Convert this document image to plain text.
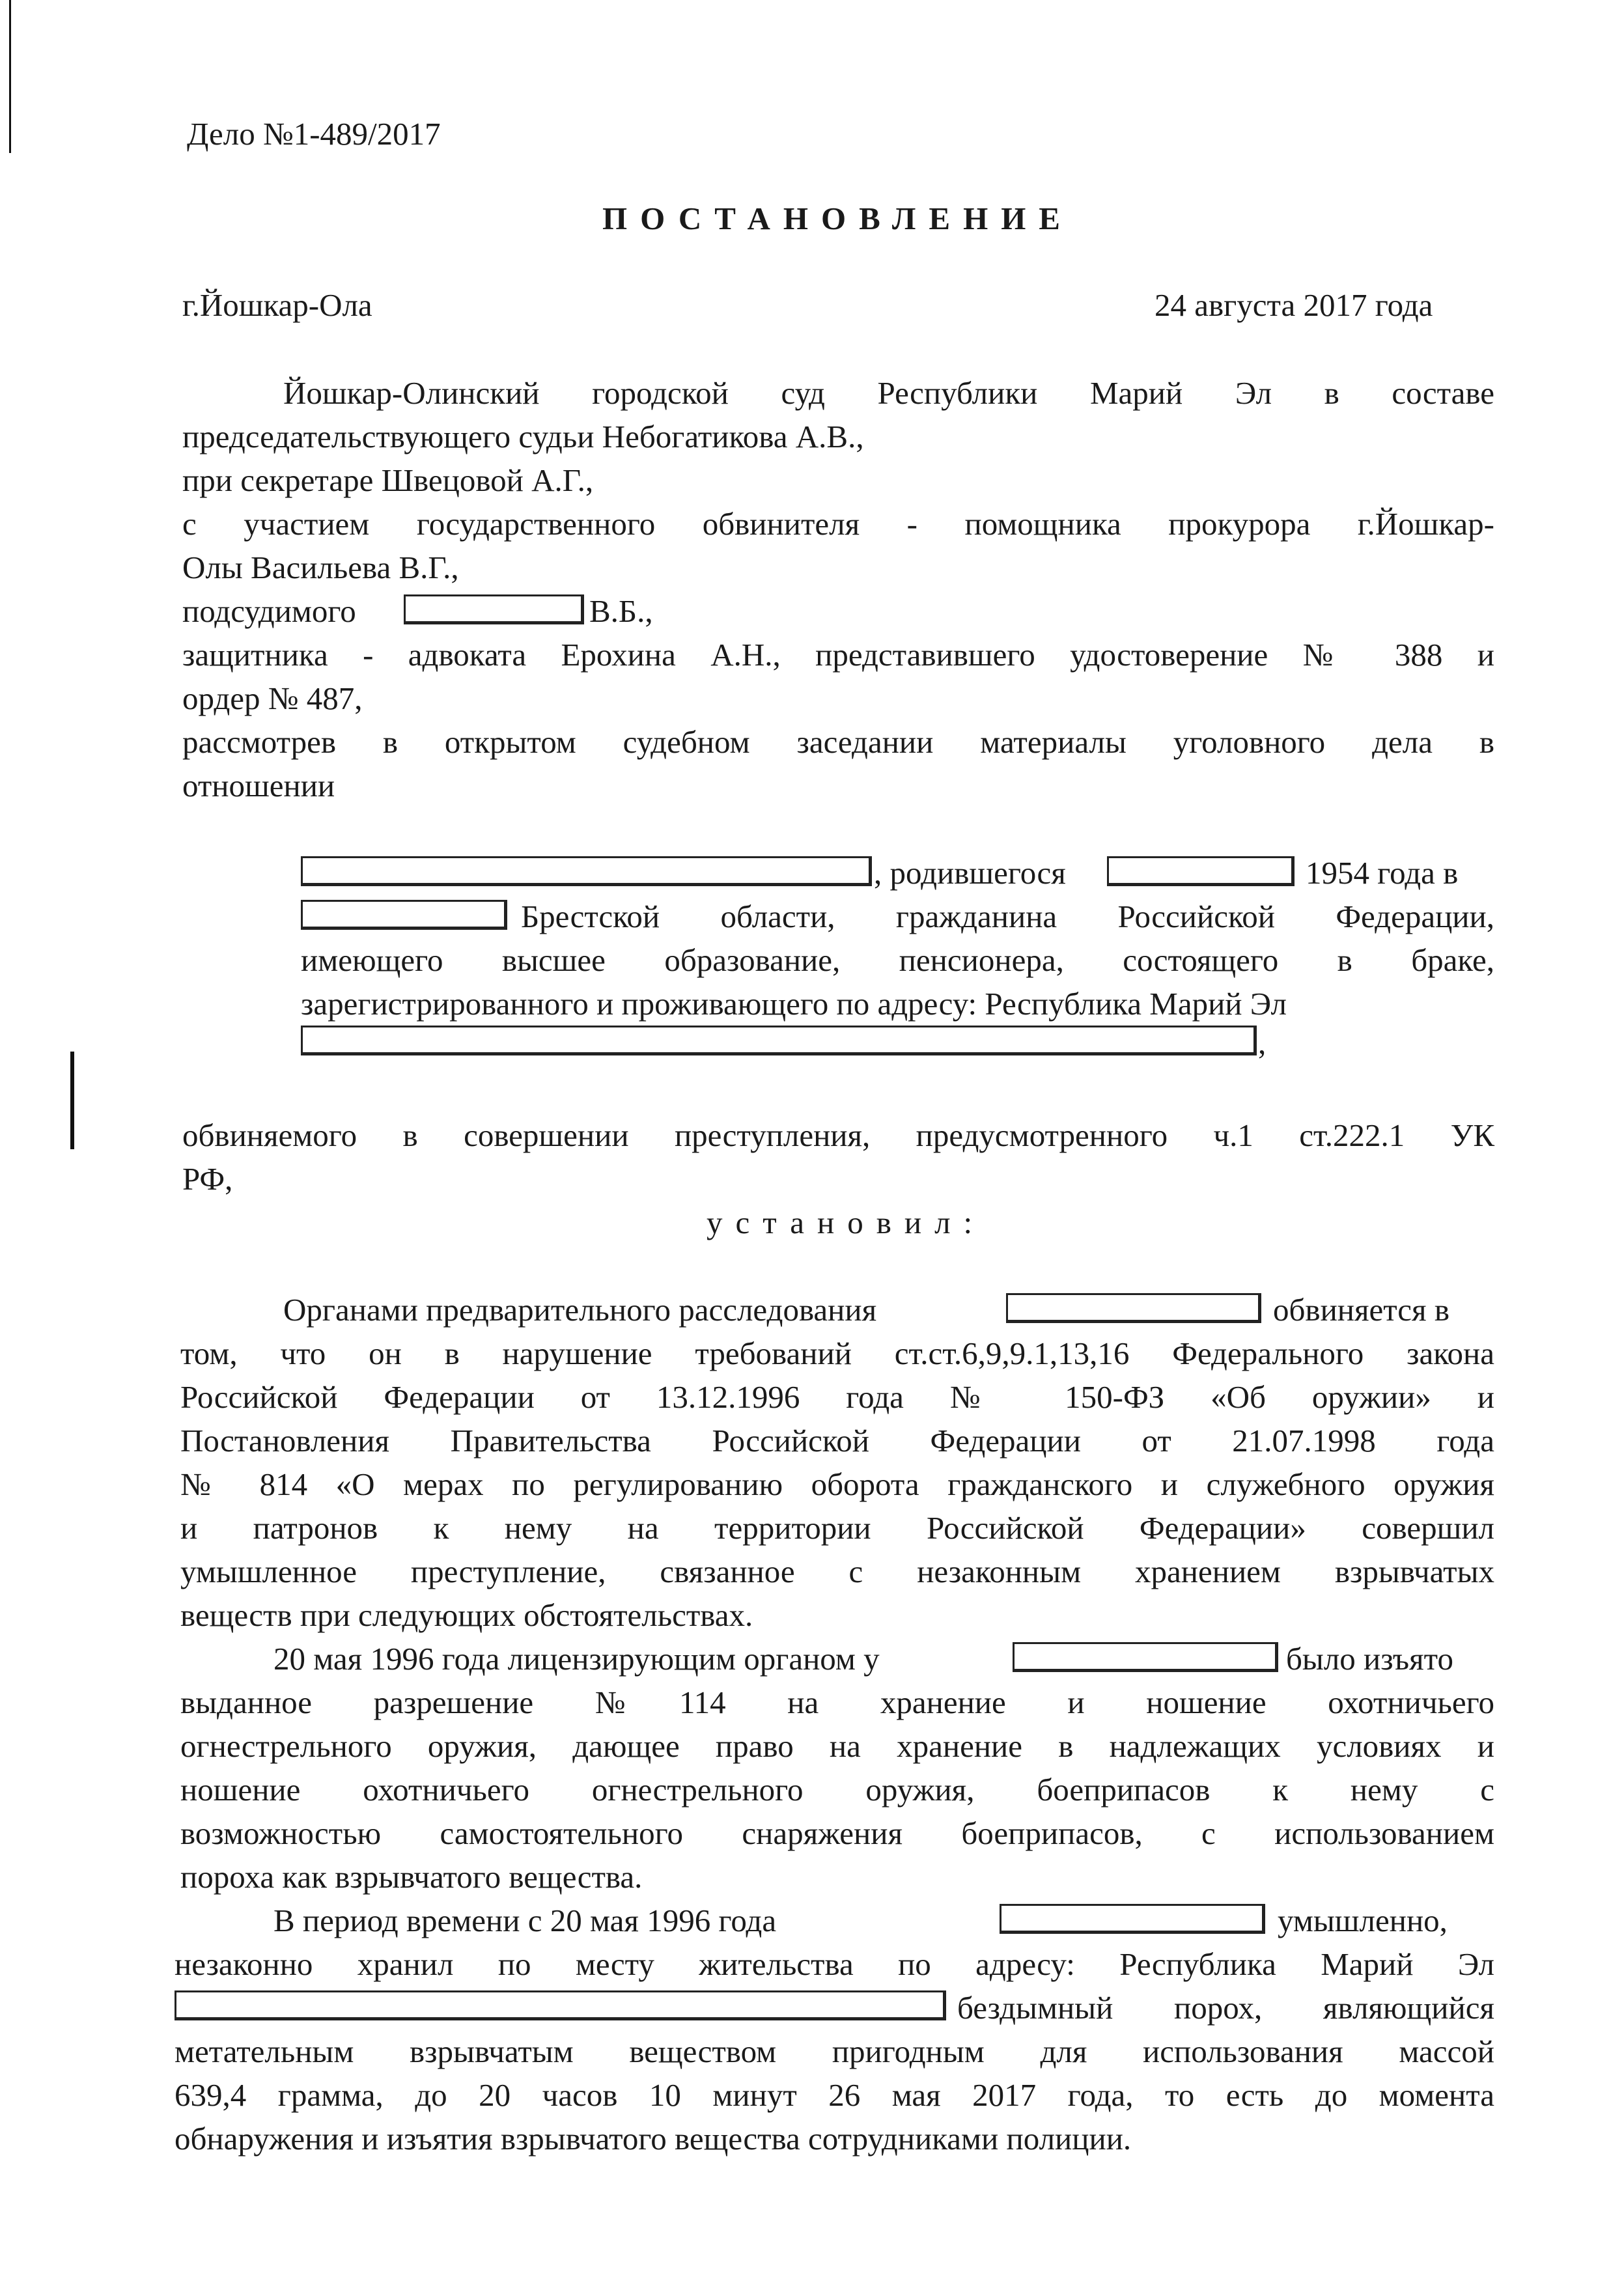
Дело №1-489/2017
ПОСТАНОВЛЕНИЕ
г.Йошкар-Ола	24 августа 2017 года
Йошкар-Олинский городской суд Республики Марий Эл в составе
председательствующего судьи Небогатикова А.В.,
при секретаре Швецовой А.Г.,
с участием государственного обвинителя - помощника прокурора г.Йошкар-
Олы Васильева В.Г.,
подсудимого	В.Б.,
защитника - адвоката Ерохина А.Н., представившего удостоверение № 388 и
ордер № 487,
рассмотрев в открытом судебном заседании материалы уголовного дела в
отношении
, родившегося	1954 года в
Брестской области, гражданина Российской Федерации,
имеющего высшее образование, пенсионера, состоящего в браке,
зарегистрированного и проживающего по адресу: Республика Марий Эл
,
обвиняемого в совершении преступления, предусмотренного ч.1 ст.222.1 УК
РФ,
установил:
Органами предварительного расследования	обвиняется в
том, что он в нарушение требований ст.ст.6,9,9.1,13,16 Федерального закона
Российской Федерации от 13.12.1996 года № 150-ФЗ «Об оружии» и
Постановления Правительства Российской Федерации от 21.07.1998 года
№ 814 «О мерах по регулированию оборота гражданского и служебного оружия
и патронов к нему на территории Российской Федерации» совершил
умышленное преступление, связанное с незаконным хранением взрывчатых
веществ при следующих обстоятельствах.
20 мая 1996 года лицензирующим органом у	было изъято
выданное разрешение №114 на хранение и ношение охотничьего
огнестрельного оружия, дающее право на хранение в надлежащих условиях и
ношение охотничьего огнестрельного оружия, боеприпасов к нему с
возможностью самостоятельного снаряжения боеприпасов, с использованием
пороха как взрывчатого вещества.
В период времени с 20 мая 1996 года	умышленно,
незаконно хранил по месту жительства по адресу: Республика Марий Эл
бездымный порох, являющийся
метательным взрывчатым веществом пригодным для использования массой
639,4 грамма, до 20 часов 10 минут 26 мая 2017 года, то есть до момента
обнаружения и изъятия взрывчатого вещества сотрудниками полиции.
